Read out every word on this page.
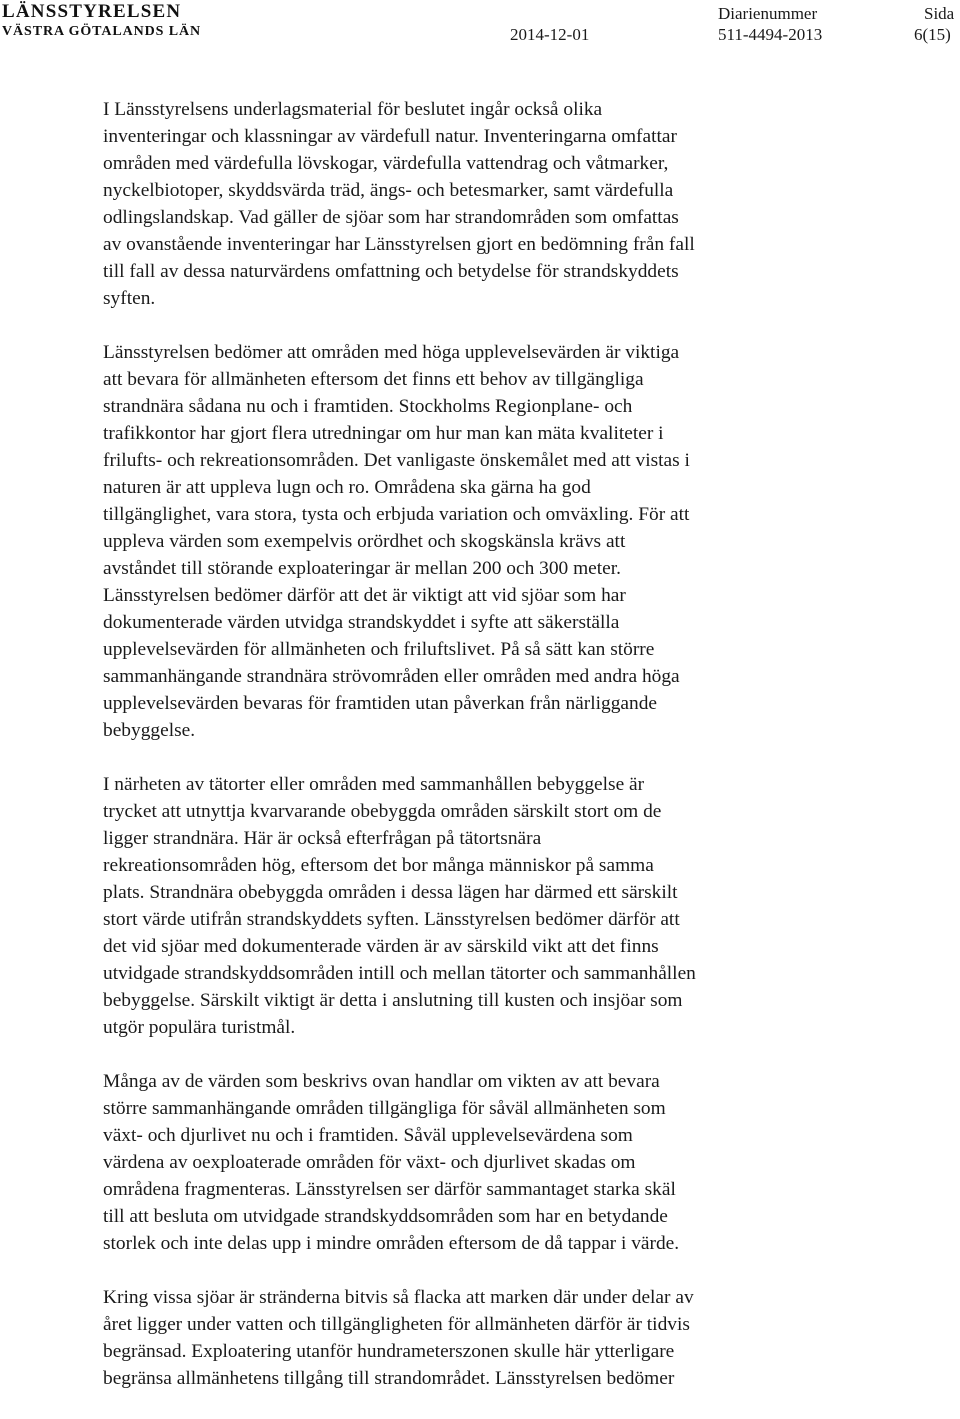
LÄNSSTYRELSEN
VÄSTRA GÖTALANDS LÄN	2014-12-01
Diarienummer
511-4494-2013
Sida
6(15)

I Länsstyrelsens underlagsmaterial för beslutet ingår också olika
inventeringar och klassningar av värdefull natur. Inventeringarna omfattar
områden med värdefulla lövskogar, värdefulla vattendrag och våtmarker,
nyckelbiotoper, skyddsvärda träd, ängs- och betesmarker, samt värdefulla
odlingslandskap. Vad gäller de sjöar som har strandområden som omfattas
av ovanstående inventeringar har Länsstyrelsen gjort en bedömning från fall
till fall av dessa naturvärdens omfattning och betydelse för strandskyddets
syften.

Länsstyrelsen bedömer att områden med höga upplevelsevärden är viktiga
att bevara för allmänheten eftersom det finns ett behov av tillgängliga
strandnära sådana nu och i framtiden. Stockholms Regionplane- och
trafikkontor har gjort flera utredningar om hur man kan mäta kvaliteter i
frilufts- och rekreationsområden. Det vanligaste önskemålet med att vistas i
naturen är att uppleva lugn och ro. Områdena ska gärna ha god
tillgänglighet, vara stora, tysta och erbjuda variation och omväxling. För att
uppleva värden som exempelvis orördhet och skogskänsla krävs att
avståndet till störande exploateringar är mellan 200 och 300 meter.
Länsstyrelsen bedömer därför att det är viktigt att vid sjöar som har
dokumenterade värden utvidga strandskyddet i syfte att säkerställa
upplevelsevärden för allmänheten och friluftslivet. På så sätt kan större
sammanhängande strandnära strövområden eller områden med andra höga
upplevelsevärden bevaras för framtiden utan påverkan från närliggande
bebyggelse.

I närheten av tätorter eller områden med sammanhållen bebyggelse är
trycket att utnyttja kvarvarande obebyggda områden särskilt stort om de
ligger strandnära. Här är också efterfrågan på tätortsnära
rekreationsområden hög, eftersom det bor många människor på samma
plats. Strandnära obebyggda områden i dessa lägen har därmed ett särskilt
stort värde utifrån strandskyddets syften. Länsstyrelsen bedömer därför att
det vid sjöar med dokumenterade värden är av särskild vikt att det finns
utvidgade strandskyddsområden intill och mellan tätorter och sammanhållen
bebyggelse. Särskilt viktigt är detta i anslutning till kusten och insjöar som
utgör populära turistmål.

Många av de värden som beskrivs ovan handlar om vikten av att bevara
större sammanhängande områden tillgängliga för såväl allmänheten som
växt- och djurlivet nu och i framtiden. Såväl upplevelsevärdena som
värdena av oexploaterade områden för växt- och djurlivet skadas om
områdena fragmenteras. Länsstyrelsen ser därför sammantaget starka skäl
till att besluta om utvidgade strandskyddsområden som har en betydande
storlek och inte delas upp i mindre områden eftersom de då tappar i värde.

Kring vissa sjöar är stränderna bitvis så flacka att marken där under delar av
året ligger under vatten och tillgängligheten för allmänheten därför är tidvis
begränsad. Exploatering utanför hundrameterszonen skulle här ytterligare
begränsa allmänhetens tillgång till strandområdet. Länsstyrelsen bedömer
